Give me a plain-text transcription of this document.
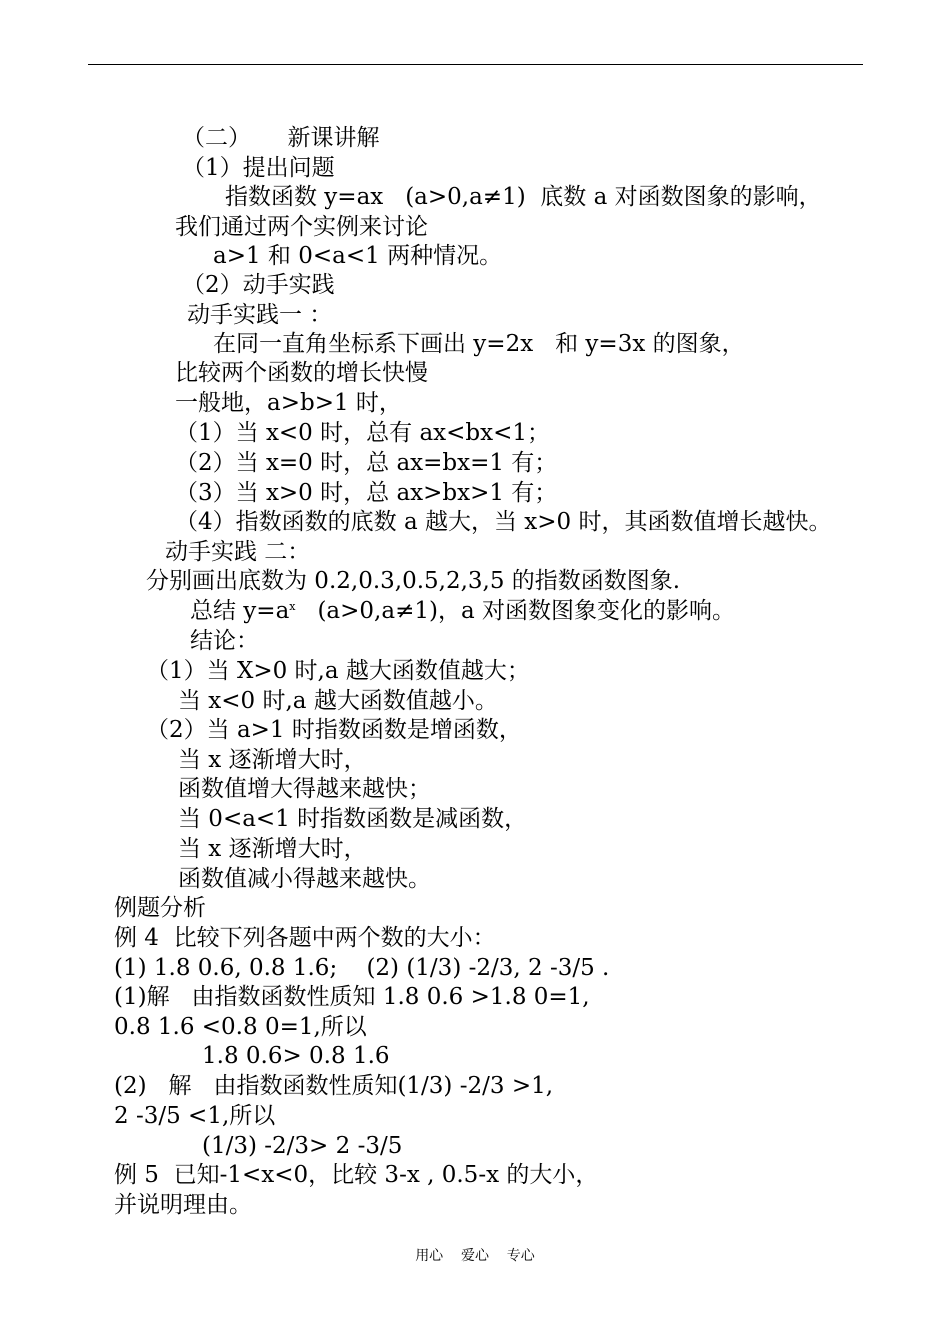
（二）     新课讲解
（1）提出问题
指数函数 y=ax   (a>0,a≠1)  底数 a 对函数图象的影响，
我们通过两个实例来讨论
a>1 和 0<a<1 两种情况。
（2）动手实践
动手实践一 ：
在同一直角坐标系下画出 y=2x   和 y=3x 的图象，
比较两个函数的增长快慢
一般地，a>b>1 时，
（1）当 x<0 时，总有 ax<bx<1；
（2）当 x=0 时，总 ax=bx=1 有；
（3）当 x>0 时，总 ax>bx>1 有；
（4）指数函数的底数 a 越大，当 x>0 时，其函数值增长越快。
动手实践 二：
分别画出底数为 0.2,0.3,0.5,2,3,5 的指数函数图象.
总结 $y=a^x$   (a>0,a≠1)，a 对函数图象变化的影响。
结论：
（1）当 X>0 时,a 越大函数值越大；
当 x<0 时,a 越大函数值越小。
（2）当 a>1 时指数函数是增函数，
当 x 逐渐增大时，
函数值增大得越来越快；
当 0<a<1 时指数函数是减函数，
当 x 逐渐增大时，
函数值减小得越来越快。
例题分析
例 4  比较下列各题中两个数的大小：
(1) 1.8 0.6, 0.8 1.6;    (2) (1/3) -2/3, 2 -3/5 .
(1)解   由指数函数性质知 1.8 0.6 >1.8 0=1,
0.8 1.6 <0.8 0=1,所以
1.8 0.6> 0.8 1.6
(2)   解   由指数函数性质知(1/3) -2/3 >1,
2 -3/5 <1,所以
(1/3) -2/3> 2 -3/5
例 5  已知-1<x<0，比较 3-x , 0.5-x 的大小，
并说明理由。
用心    爱心    专心
